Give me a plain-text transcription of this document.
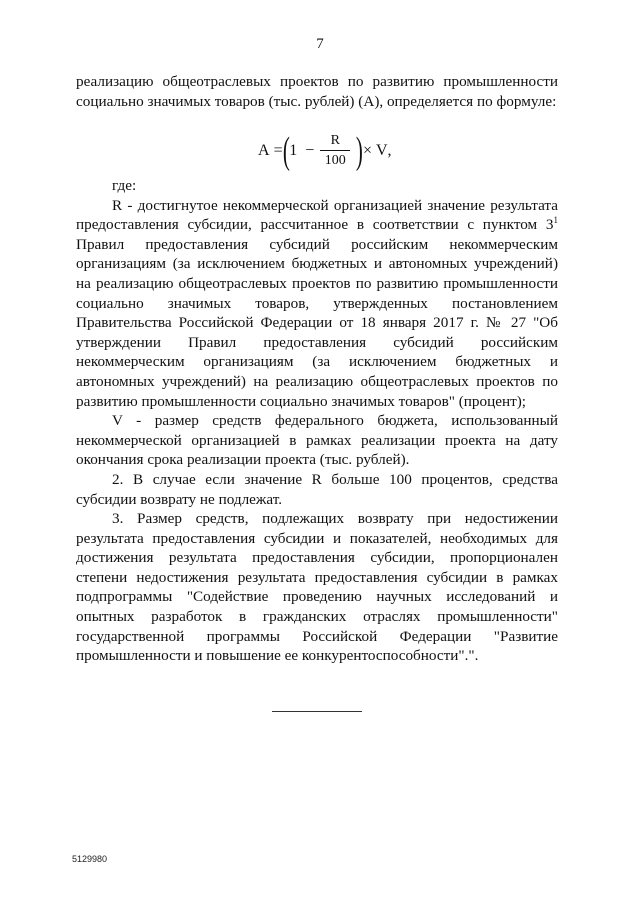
7

реализацию общеотраслевых проектов по развитию промышленности социально значимых товаров (тыс. рублей) (A), определяется по формуле:

A
= ( 1
− $\frac{R}{100}$ ) ×
V ,

где:

R - достигнутое некоммерческой организацией значение результата предоставления субсидии, рассчитанное в соответствии с пунктом $3^1$ Правил предоставления субсидий российским некоммерческим организациям (за исключением бюджетных и автономных учреждений) на реализацию общеотраслевых проектов по развитию промышленности социально значимых товаров, утвержденных постановлением Правительства Российской Федерации от 18 января 2017 г. № 27 "Об утверждении Правил предоставления субсидий российским некоммерческим организациям (за исключением бюджетных и автономных учреждений) на реализацию общеотраслевых проектов по развитию промышленности социально значимых товаров" (процент);

V - размер средств федерального бюджета, использованный некоммерческой организацией в рамках реализации проекта на дату окончания срока реализации проекта (тыс. рублей).

2. В случае если значение R больше 100 процентов, средства субсидии возврату не подлежат.

3. Размер средств, подлежащих возврату при недостижении результата предоставления субсидии и показателей, необходимых для достижения результата предоставления субсидии, пропорционален степени недостижения результата предоставления субсидии в рамках подпрограммы "Содействие проведению научных исследований и опытных разработок в гражданских отраслях промышленности" государственной программы Российской Федерации "Развитие промышленности и повышение ее конкурентоспособности".".

5129980
